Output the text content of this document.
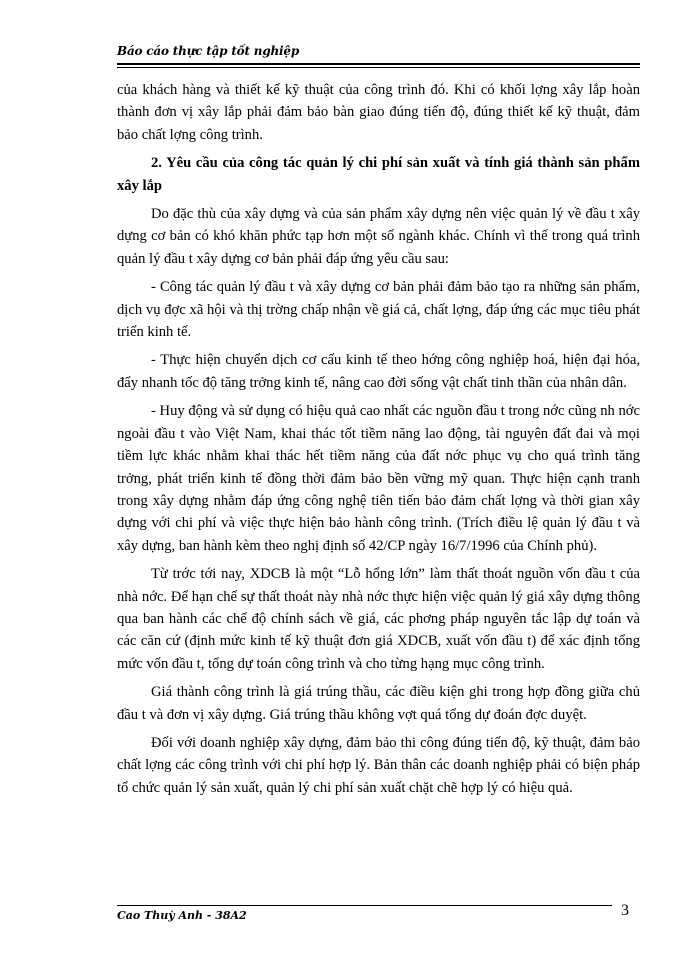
Báo cáo thực tập tốt nghiệp

của khách hàng và thiết kế kỹ thuật của công trình đó. Khi có khối lợng xây lắp hoàn thành đơn vị xây lắp phải đảm bảo bàn giao đúng tiến độ, đúng thiết kế kỹ thuật, đảm bảo chất lợng công trình.

2. Yêu cầu của công tác quản lý chi phí sản xuất và tính giá thành sản phẩm xây lắp

Do đặc thù của xây dựng và của sản phẩm xây dựng nên việc quản lý về đầu t xây dựng cơ bản có khó khăn phức tạp hơn một số ngành khác. Chính vì thế trong quá trình quản lý đầu t xây dựng cơ bản phải đáp ứng yêu cầu sau:

- Công tác quản lý đầu t và xây dựng cơ bản phải đảm bảo tạo ra những sản phẩm, dịch vụ đợc xã hội và thị trờng chấp nhận về giá cả, chất lợng, đáp ứng các mục tiêu phát triển kinh tế.

- Thực hiện chuyển dịch cơ cấu kinh tế theo hớng công nghiệp hoá, hiện đại hóa, đẩy nhanh tốc độ tăng trởng kinh tế, nâng cao đời sống vật chất tinh thần của nhân dân.

- Huy động và sử dụng có hiệu quả cao nhất các nguồn đầu t trong nớc cũng nh nớc ngoài đầu t vào Việt Nam, khai thác tốt tiềm năng lao động, tài nguyên đất đai và mọi tiềm lực khác nhằm khai thác hết tiềm năng của đất nớc phục vụ cho quá trình tăng trởng, phát triển kinh tế đồng thời đảm bảo bền vững mỹ quan. Thực hiện cạnh tranh trong xây dựng nhằm đáp ứng công nghệ tiên tiến bảo đảm chất lợng và thời gian xây dựng với chi phí và việc thực hiện bảo hành công trình. (Trích điều lệ quản lý đầu t và xây dựng, ban hành kèm theo nghị định số 42/CP ngày 16/7/1996 của Chính phủ).

Từ trớc tới nay, XDCB là một “Lỗ hổng lớn” làm thất thoát nguồn vốn đầu t của nhà nớc. Để hạn chế sự thất thoát này nhà nớc thực hiện việc quản lý giá xây dựng thông qua ban hành các chế độ chính sách về giá, các phơng pháp nguyên tắc lập dự toán và các căn cứ (định mức kinh tế kỹ thuật đơn giá XDCB, xuất vốn đầu t) để xác định tổng mức vốn đầu t, tổng dự toán công trình và cho từng hạng mục công trình.

Giá thành công trình là giá trúng thầu, các điều kiện ghi trong hợp đồng giữa chủ đầu t và đơn vị xây dựng. Giá trúng thầu không vợt quá tổng dự đoán đợc duyệt.

Đối với doanh nghiệp xây dựng, đảm bảo thi công đúng tiến độ, kỹ thuật, đảm bảo chất lợng các công trình với chi phí hợp lý. Bản thân các doanh nghiệp phải có biện pháp tổ chức quản lý sản xuất, quản lý chi phí sản xuất chặt chẽ hợp lý có hiệu quả.

Cao Thuỳ Anh - 38A2	3
